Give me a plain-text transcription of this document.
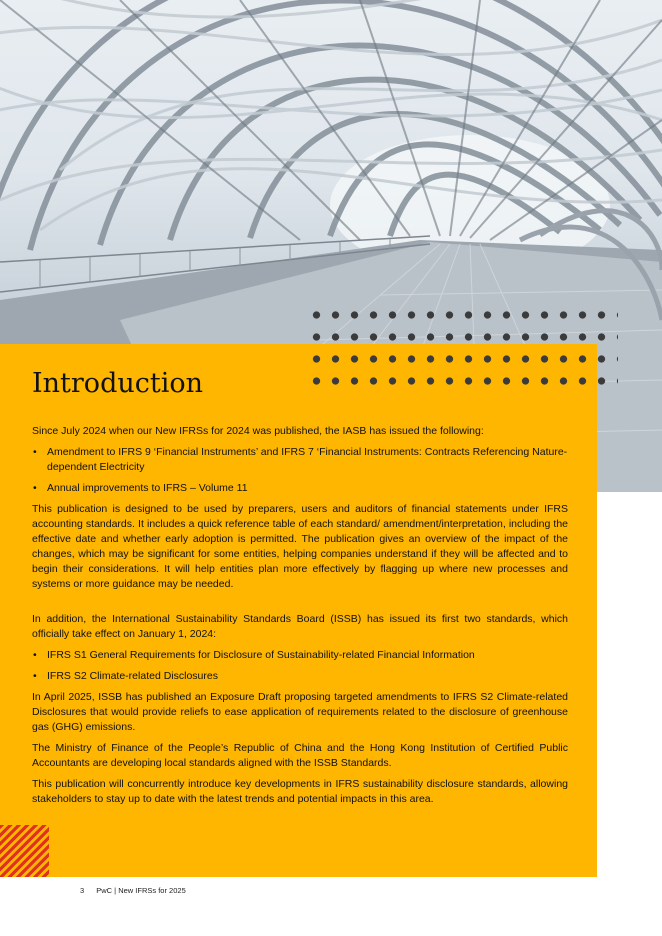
Introduction

Since July 2024 when our New IFRSs for 2024 was published, the IASB has issued the following:

• Amendment to IFRS 9 ‘Financial Instruments’ and IFRS 7 ‘Financial Instruments: Contracts Referencing Nature-dependent Electricity
• Annual improvements to IFRS – Volume 11

This publication is designed to be used by preparers, users and auditors of financial statements under IFRS accounting standards. It includes a quick reference table of each standard/ amendment/interpretation, including the effective date and whether early adoption is permitted. The publication gives an overview of the impact of the changes, which may be significant for some entities, helping companies understand if they will be affected and to begin their considerations. It will help entities plan more effectively by flagging up where new processes and systems or more guidance may be needed.

In addition, the International Sustainability Standards Board (ISSB) has issued its first two standards, which officially take effect on January 1, 2024:

• IFRS S1 General Requirements for Disclosure of Sustainability-related Financial Information
• IFRS S2 Climate-related Disclosures

In April 2025, ISSB has published an Exposure Draft proposing targeted amendments to IFRS S2 Climate-related Disclosures that would provide reliefs to ease application of requirements related to the disclosure of greenhouse gas (GHG) emissions.

The Ministry of Finance of the People’s Republic of China and the Hong Kong Institution of Certified Public Accountants are developing local standards aligned with the ISSB Standards.

This publication will concurrently introduce key developments in IFRS sustainability disclosure standards, allowing stakeholders to stay up to date with the latest trends and potential impacts in this area.

3 PwC | New IFRSs for 2025
